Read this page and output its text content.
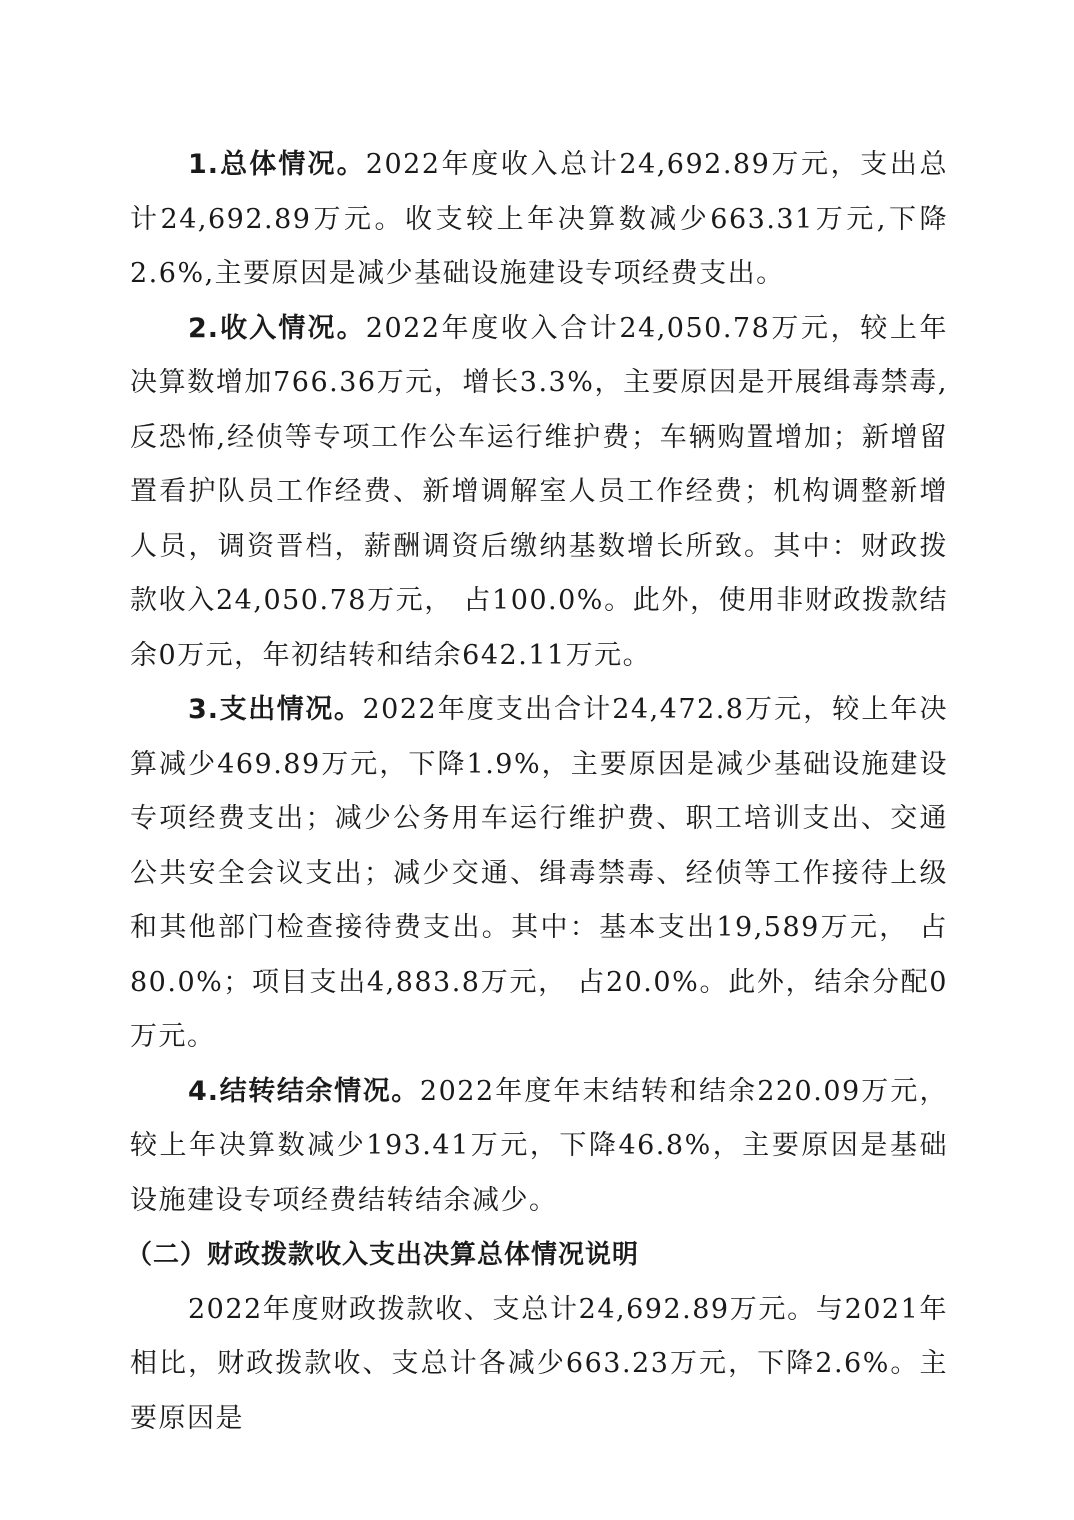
1.总体情况。2022年度收入总计24,692.89万元，支出总计24,692.89万元。收支较上年决算数减少663.31万元,下降2.6%,主要原因是减少基础设施建设专项经费支出。

2.收入情况。2022年度收入合计24,050.78万元，较上年决算数增加766.36万元，增长3.3%，主要原因是开展缉毒禁毒,反恐怖,经侦等专项工作公车运行维护费；车辆购置增加；新增留置看护队员工作经费、新增调解室人员工作经费；机构调整新增人员，调资晋档，薪酬调资后缴纳基数增长所致。其中：财政拨款收入24,050.78万元， 占100.0%。此外，使用非财政拨款结余0万元，年初结转和结余642.11万元。

3.支出情况。2022年度支出合计24,472.8万元，较上年决算减少469.89万元，下降1.9%，主要原因是减少基础设施建设专项经费支出；减少公务用车运行维护费、职工培训支出、交通公共安全会议支出；减少交通、缉毒禁毒、经侦等工作接待上级和其他部门检查接待费支出。其中：基本支出19,589万元， 占80.0%；项目支出4,883.8万元， 占20.0%。此外，结余分配0万元。

4.结转结余情况。2022年度年末结转和结余220.09万元，较上年决算数减少193.41万元，下降46.8%，主要原因是基础设施建设专项经费结转结余减少。

（二）财政拨款收入支出决算总体情况说明

2022年度财政拨款收、支总计24,692.89万元。与2021年相比，财政拨款收、支总计各减少663.23万元，下降2.6%。主要原因是
